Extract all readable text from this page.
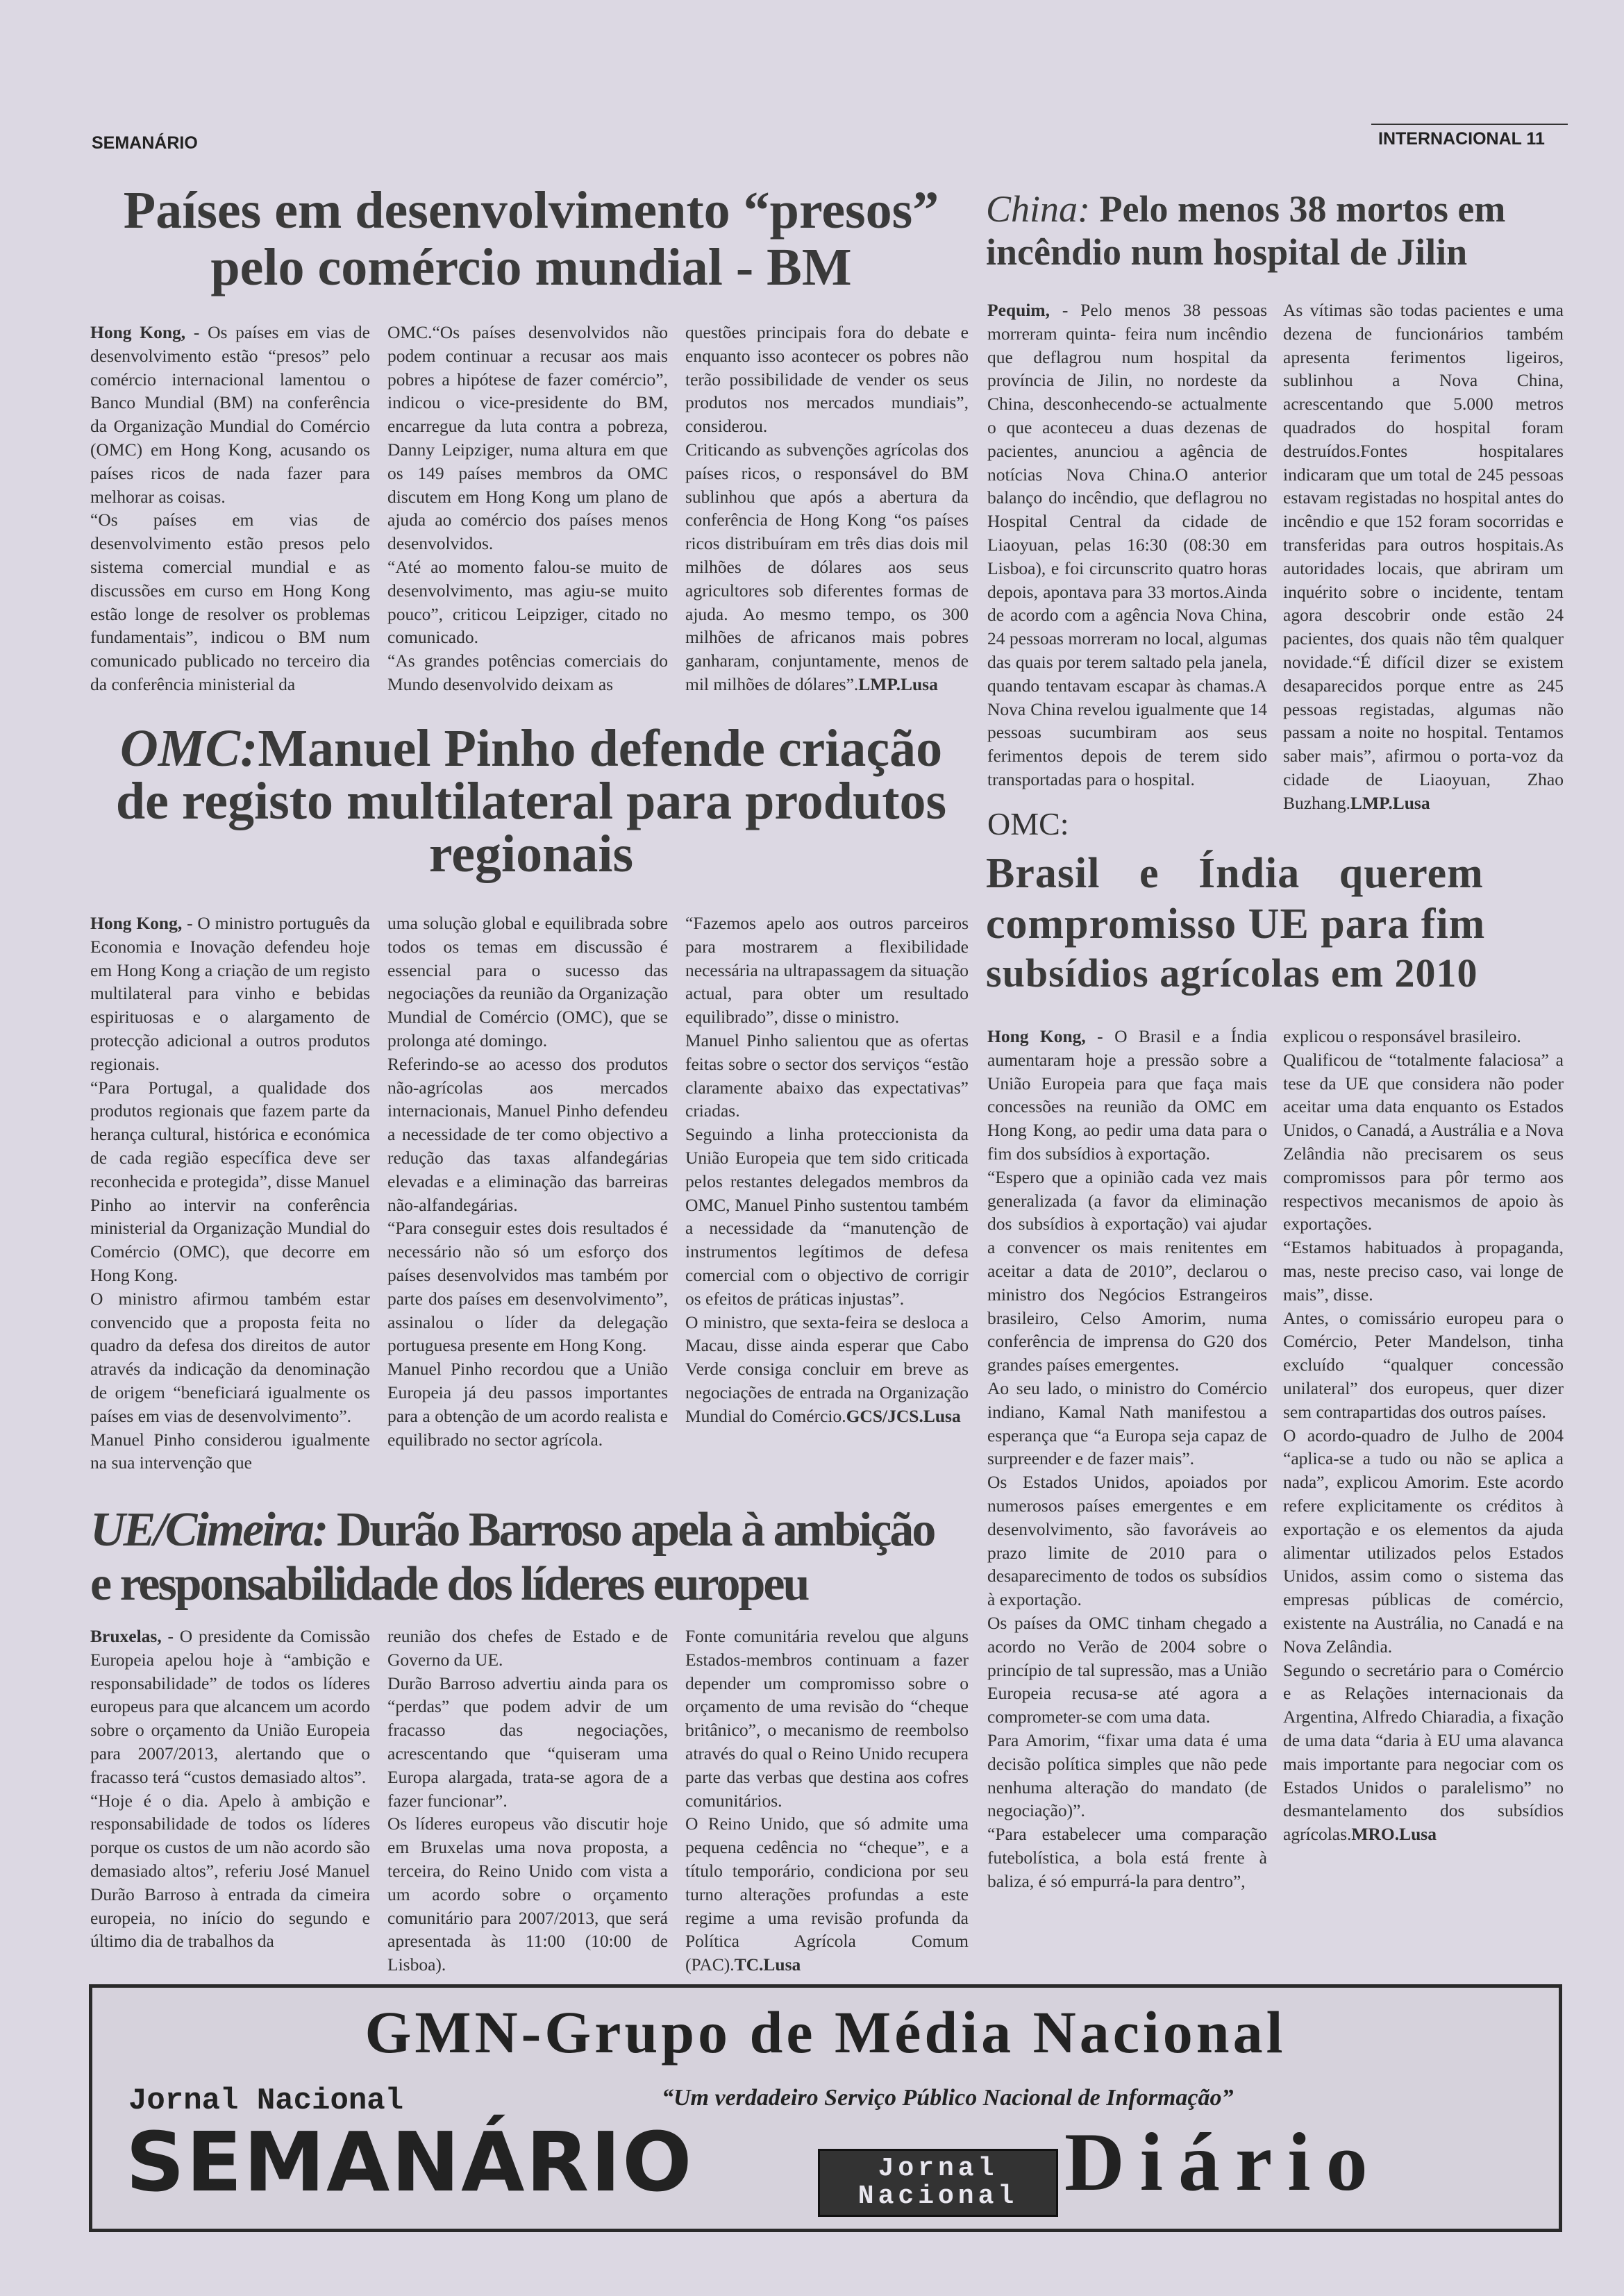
SEMANÁRIO	INTERNACIONAL 11
Países em desenvolvimento “presos”
pelo comércio mundial - BM

Hong Kong, - Os países em vias de desenvolvimento estão “presos” pelo comércio internacional lamentou o Banco Mundial (BM) na conferência da Organização Mundial do Comércio (OMC) em Hong Kong, acusando os países ricos de nada fazer para melhorar as coisas.

“Os países em vias de desenvolvimento estão presos pelo sistema comercial mundial e as discussões em curso em Hong Kong estão longe de resolver os problemas fundamentais”, indicou o BM num comunicado publicado no terceiro dia da conferência ministerial da

OMC.“Os países desenvolvidos não podem continuar a recusar aos mais pobres a hipótese de fazer comércio”, indicou o vice-presidente do BM, encarregue da luta contra a pobreza, Danny Leipziger, numa altura em que os 149 países membros da OMC discutem em Hong Kong um plano de ajuda ao comércio dos países menos desenvolvidos.

“Até ao momento falou-se muito de desenvolvimento, mas agiu-se muito pouco”, criticou Leipziger, citado no comunicado.

“As grandes potências comerciais do Mundo desenvolvido deixam as

questões principais fora do debate e enquanto isso acontecer os pobres não terão possibilidade de vender os seus produtos nos mercados mundiais”, considerou.

Criticando as subvenções agrícolas dos países ricos, o responsável do BM sublinhou que após a abertura da conferência de Hong Kong “os países ricos distribuíram em três dias dois mil milhões de dólares aos seus agricultores sob diferentes formas de ajuda. Ao mesmo tempo, os 300 milhões de africanos mais pobres ganharam, conjuntamente, menos de mil milhões de dólares”.LMP.Lusa

China: Pelo menos 38 mortos em incêndio num hospital de Jilin

Pequim, - Pelo menos 38 pessoas morreram quinta- feira num incêndio que deflagrou num hospital da província de Jilin, no nordeste da China, desconhecendo-se actualmente o que aconteceu a duas dezenas de pacientes, anunciou a agência de notícias Nova China.O anterior balanço do incêndio, que deflagrou no Hospital Central da cidade de Liaoyuan, pelas 16:30 (08:30 em Lisboa), e foi circunscrito quatro horas depois, apontava para 33 mortos.Ainda de acordo com a agência Nova China, 24 pessoas morreram no local, algumas das quais por terem saltado pela janela, quando tentavam escapar às chamas.A Nova China revelou igualmente que 14 pessoas sucumbiram aos seus ferimentos depois de terem sido transportadas para o hospital.

As vítimas são todas pacientes e uma dezena de funcionários também apresenta ferimentos ligeiros, sublinhou a Nova China, acrescentando que 5.000 metros quadrados do hospital foram destruídos.Fontes hospitalares indicaram que um total de 245 pessoas estavam registadas no hospital antes do incêndio e que 152 foram socorridas e transferidas para outros hospitais.As autoridades locais, que abriram um inquérito sobre o incidente, tentam agora descobrir onde estão 24 pacientes, dos quais não têm qualquer novidade.“É difícil dizer se existem desaparecidos porque entre as 245 pessoas registadas, algumas não passam a noite no hospital. Tentamos saber mais”, afirmou o porta-voz da cidade de Liaoyuan, Zhao Buzhang.LMP.Lusa

OMC:Manuel Pinho defende criação
de registo multilateral para produtos
regionais

Hong Kong, - O ministro português da Economia e Inovação defendeu hoje em Hong Kong a criação de um registo multilateral para vinho e bebidas espirituosas e o alargamento de protecção adicional a outros produtos regionais.

“Para Portugal, a qualidade dos produtos regionais que fazem parte da herança cultural, histórica e económica de cada região específica deve ser reconhecida e protegida”, disse Manuel Pinho ao intervir na conferência ministerial da Organização Mundial do Comércio (OMC), que decorre em Hong Kong.

O ministro afirmou também estar convencido que a proposta feita no quadro da defesa dos direitos de autor através da indicação da denominação de origem “beneficiará igualmente os países em vias de desenvolvimento”.

Manuel Pinho considerou igualmente na sua intervenção que

uma solução global e equilibrada sobre todos os temas em discussão é essencial para o sucesso das negociações da reunião da Organização Mundial de Comércio (OMC), que se prolonga até domingo.

Referindo-se ao acesso dos produtos não-agrícolas aos mercados internacionais, Manuel Pinho defendeu a necessidade de ter como objectivo a redução das taxas alfandegárias elevadas e a eliminação das barreiras não-alfandegárias.

“Para conseguir estes dois resultados é necessário não só um esforço dos países desenvolvidos mas também por parte dos países em desenvolvimento”, assinalou o líder da delegação portuguesa presente em Hong Kong.

Manuel Pinho recordou que a União Europeia já deu passos importantes para a obtenção de um acordo realista e equilibrado no sector agrícola.

“Fazemos apelo aos outros parceiros para mostrarem a flexibilidade necessária na ultrapassagem da situação actual, para obter um resultado equilibrado”, disse o ministro.

Manuel Pinho salientou que as ofertas feitas sobre o sector dos serviços “estão claramente abaixo das expectativas” criadas.

Seguindo a linha proteccionista da União Europeia que tem sido criticada pelos restantes delegados membros da OMC, Manuel Pinho sustentou também a necessidade da “manutenção de instrumentos legítimos de defesa comercial com o objectivo de corrigir os efeitos de práticas injustas”.

O ministro, que sexta-feira se desloca a Macau, disse ainda esperar que Cabo Verde consiga concluir em breve as negociações de entrada na Organização Mundial do Comércio.GCS/JCS.Lusa

OMC:
Brasil e Índia querem
compromisso UE para fim
subsídios agrícolas em 2010

Hong Kong, - O Brasil e a Índia aumentaram hoje a pressão sobre a União Europeia para que faça mais concessões na reunião da OMC em Hong Kong, ao pedir uma data para o fim dos subsídios à exportação.

“Espero que a opinião cada vez mais generalizada (a favor da eliminação dos subsídios à exportação) vai ajudar a convencer os mais renitentes em aceitar a data de 2010”, declarou o ministro dos Negócios Estrangeiros brasileiro, Celso Amorim, numa conferência de imprensa do G20 dos grandes países emergentes.

Ao seu lado, o ministro do Comércio indiano, Kamal Nath manifestou a esperança que “a Europa seja capaz de surpreender e de fazer mais”.

Os Estados Unidos, apoiados por numerosos países emergentes e em desenvolvimento, são favoráveis ao prazo limite de 2010 para o desaparecimento de todos os subsídios à exportação.

Os países da OMC tinham chegado a acordo no Verão de 2004 sobre o princípio de tal supressão, mas a União Europeia recusa-se até agora a comprometer-se com uma data.

Para Amorim, “fixar uma data é uma decisão política simples que não pede nenhuma alteração do mandato (de negociação)”.

“Para estabelecer uma comparação futebolística, a bola está frente à baliza, é só empurrá-la para dentro”,

explicou o responsável brasileiro.

Qualificou de “totalmente falaciosa” a tese da UE que considera não poder aceitar uma data enquanto os Estados Unidos, o Canadá, a Austrália e a Nova Zelândia não precisarem os seus compromissos para pôr termo aos respectivos mecanismos de apoio às exportações.

“Estamos habituados à propaganda, mas, neste preciso caso, vai longe de mais”, disse.

Antes, o comissário europeu para o Comércio, Peter Mandelson, tinha excluído “qualquer concessão unilateral” dos europeus, quer dizer sem contrapartidas dos outros países.

O acordo-quadro de Julho de 2004 “aplica-se a tudo ou não se aplica a nada”, explicou Amorim. Este acordo refere explicitamente os créditos à exportação e os elementos da ajuda alimentar utilizados pelos Estados Unidos, assim como o sistema das empresas públicas de comércio, existente na Austrália, no Canadá e na Nova Zelândia.

Segundo o secretário para o Comércio e as Relações internacionais da Argentina, Alfredo Chiaradia, a fixação de uma data “daria à EU uma alavanca mais importante para negociar com os Estados Unidos o paralelismo” no desmantelamento dos subsídios agrícolas.MRO.Lusa

UE/Cimeira: Durão Barroso apela à ambição
e responsabilidade dos líderes europeu

Bruxelas, - O presidente da Comissão Europeia apelou hoje à “ambição e responsabilidade” de todos os líderes europeus para que alcancem um acordo sobre o orçamento da União Europeia para 2007/2013, alertando que o fracasso terá “custos demasiado altos”.

“Hoje é o dia. Apelo à ambição e responsabilidade de todos os líderes porque os custos de um não acordo são demasiado altos”, referiu José Manuel Durão Barroso à entrada da cimeira europeia, no início do segundo e último dia de trabalhos da

reunião dos chefes de Estado e de Governo da UE.

Durão Barroso advertiu ainda para os “perdas” que podem advir de um fracasso das negociações, acrescentando que “quiseram uma Europa alargada, trata-se agora de a fazer funcionar”.

Os líderes europeus vão discutir hoje em Bruxelas uma nova proposta, a terceira, do Reino Unido com vista a um acordo sobre o orçamento comunitário para 2007/2013, que será apresentada às 11:00 (10:00 de Lisboa).

Fonte comunitária revelou que alguns Estados-membros continuam a fazer depender um compromisso sobre o orçamento de uma revisão do “cheque britânico”, o mecanismo de reembolso através do qual o Reino Unido recupera parte das verbas que destina aos cofres comunitários.

O Reino Unido, que só admite uma pequena cedência no “cheque”, e a título temporário, condiciona por seu turno alterações profundas a este regime a uma revisão profunda da Política Agrícola Comum (PAC).TC.Lusa

GMN-Grupo de Média Nacional
Jornal Nacional	“Um verdadeiro Serviço Público Nacional de Informação”
SEMANÁRIO	Jornal
Nacional Diário
